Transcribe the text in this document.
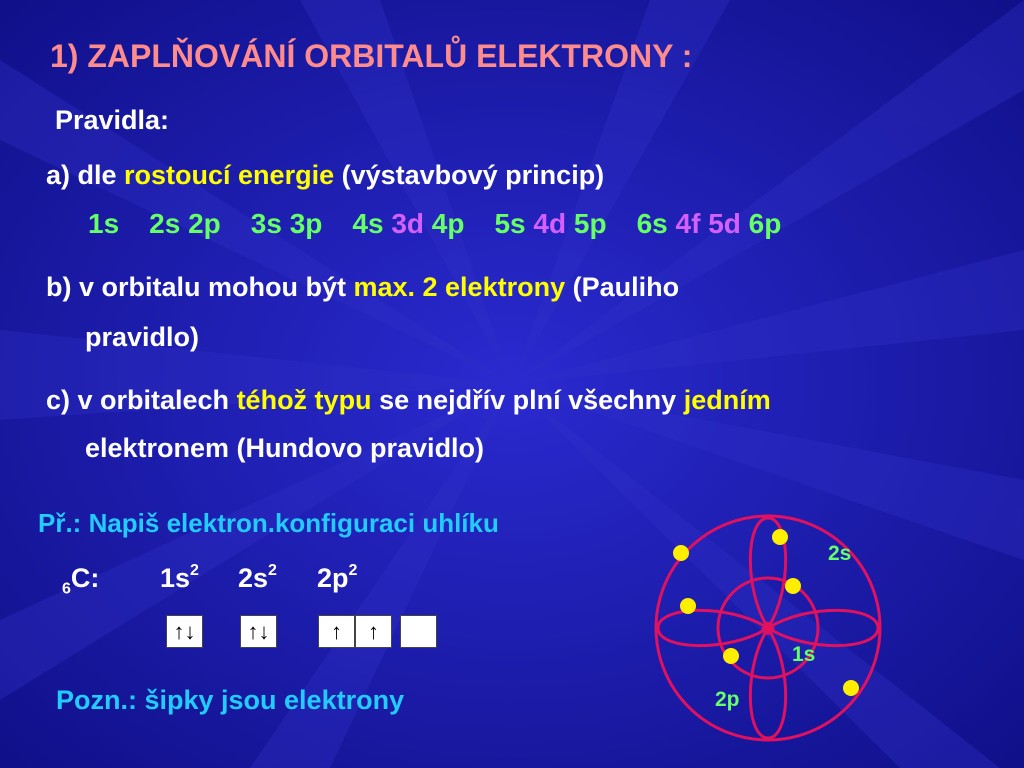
1) ZAPLŇOVÁNÍ ORBITALŮ ELEKTRONY :

Pravidla:

a) dle rostoucí energie (výstavbový princip)

1s 2s 2p 3s 3p 4s 3d 4p 5s 4d 5p 6s 4f 5d 6p

b) v orbitalu mohou být max. 2 elektrony (Pauliho

pravidlo)

c) v orbitalech téhož typu se nejdřív plní všechny jedním

elektronem (Hundovo pravidlo)

Př.: Napiš elektron.konfiguraci uhlíku

$_6$C: $1s^2$ $2s^2$ $2p^2$

↑↓	↑↓	↑	↑

Pozn.: šipky jsou elektrony

+
2s
1s
2p
